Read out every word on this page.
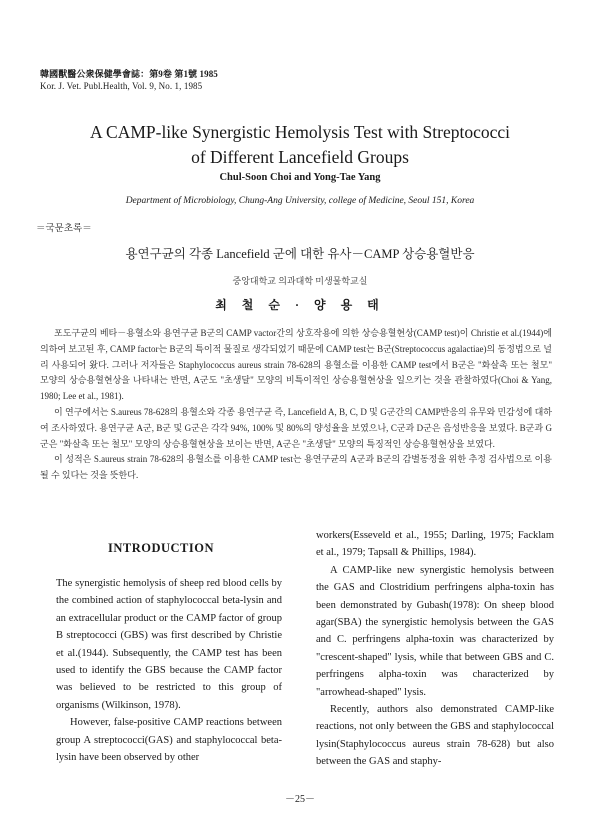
韓國獸醫公衆保健學會誌：第9卷 第1號 1985
Kor. J. Vet. Publ.Health, Vol. 9, No. 1, 1985
A CAMP-like Synergistic Hemolysis Test with Streptococci
of Different Lancefield Groups
Chul-Soon Choi and Yong-Tae Yang
Department of Microbiology, Chung-Ang University, college of Medicine, Seoul 151, Korea
＝국문초록＝
용연구균의 각종 Lancefield 군에 대한 유사－CAMP 상승용혈반응
중앙대학교 의과대학 미생물학교실
최 철 순 · 양 용 태

포도구균의 베타－용혈소와 용연구균 B군의 CAMP vactor간의 상호작용에 의한 상승용혈현상(CAMP test)이 Christie et al.(1944)에 의하여 보고된 후, CAMP factor는 B군의 특이적 물질로 생각되었기 때문에 CAMP test는 B군(Streptococcus agalactiae)의 동정법으로 널리 사용되어 왔다. 그러나 저자들은 Staphylococcus aureus strain 78-628의 용혈소를 이용한 CAMP test에서 B군은 "화살촉 또는 철모" 모양의 상승용혈현상을 나타내는 반면, A군도 "초생달" 모양의 비특이적인 상승용혈현상을 일으키는 것을 관찰하였다(Choi & Yang, 1980; Lee et al., 1981).

이 연구에서는 S.aureus 78-628의 용혈소와 각종 용연구균 즉, Lancefield A, B, C, D 및 G군간의 CAMP반응의 유무와 민감성에 대하여 조사하였다. 용연구균 A군, B군 및 G군은 각각 94%, 100% 및 80%의 양성율을 보였으나, C군과 D군은 음성반응을 보였다. B군과 G군은 "화살촉 또는 철모" 모양의 상승용혈현상을 보이는 반면, A군은 "초생달" 모양의 특징적인 상승용혈현상을 보였다.

이 성적은 S.aureus strain 78-628의 용혈소를 이용한 CAMP test는 용연구균의 A군과 B군의 감별동정을 위한 추정 검사법으로 이용될 수 있다는 것을 뜻한다.

INTRODUCTION

The synergistic hemolysis of sheep red blood cells by the combined action of staphylococcal beta-lysin and an extracellular product or the CAMP factor of group B streptococci (GBS) was first described by Christie et al.(1944). Subsequently, the CAMP test has been used to identify the GBS because the CAMP factor was believed to be restricted to this group of organisms (Wilkinson, 1978).

However, false-positive CAMP reactions between group A streptococci(GAS) and staphylococcal beta-lysin have been observed by other

workers(Esseveld et al., 1955; Darling, 1975; Facklam et al., 1979; Tapsall & Phillips, 1984).

A CAMP-like new synergistic hemolysis between the GAS and Clostridium perfringens alpha-toxin has been demonstrated by Gubash(1978): On sheep blood agar(SBA) the synergistic hemolysis between the GAS and C. perfringens alpha-toxin was characterized by "crescent-shaped" lysis, while that between GBS and C. perfringens alpha-toxin was characterized by "arrowhead-shaped" lysis.

Recently, authors also demonstrated CAMP-like reactions, not only between the GBS and staphylococcal lysin(Staphylococcus aureus strain 78-628) but also between the GAS and staphy-

－25－
